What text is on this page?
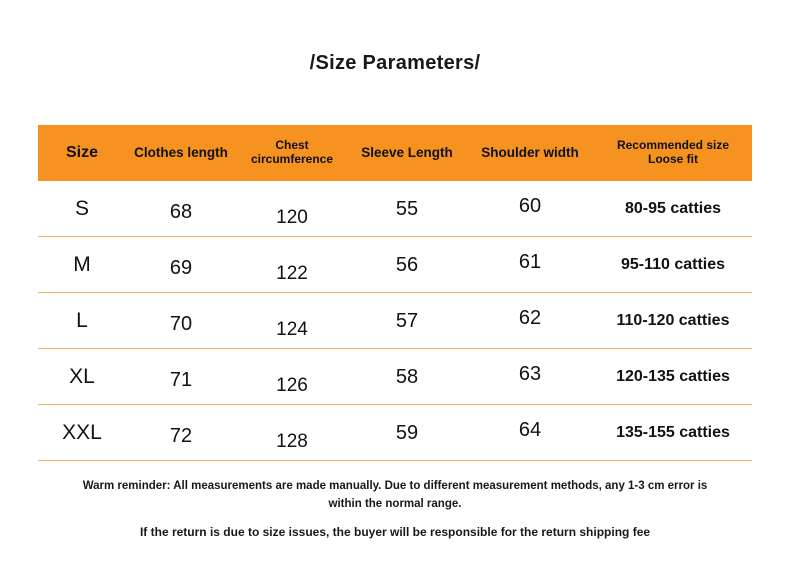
/Size Parameters/
Size	Clothes length	Chest circumference	Sleeve Length	Shoulder width	Recommended size Loose fit
S	68	120	55	60	80-95 catties
M	69	122	56	61	95-110 catties
L	70	124	57	62	110-120 catties
XL	71	126	58	63	120-135 catties
XXL	72	128	59	64	135-155 catties
Warm reminder: All measurements are made manually. Due to different measurement methods, any 1-3 cm error is
within the normal range.
If the return is due to size issues, the buyer will be responsible for the return shipping fee
